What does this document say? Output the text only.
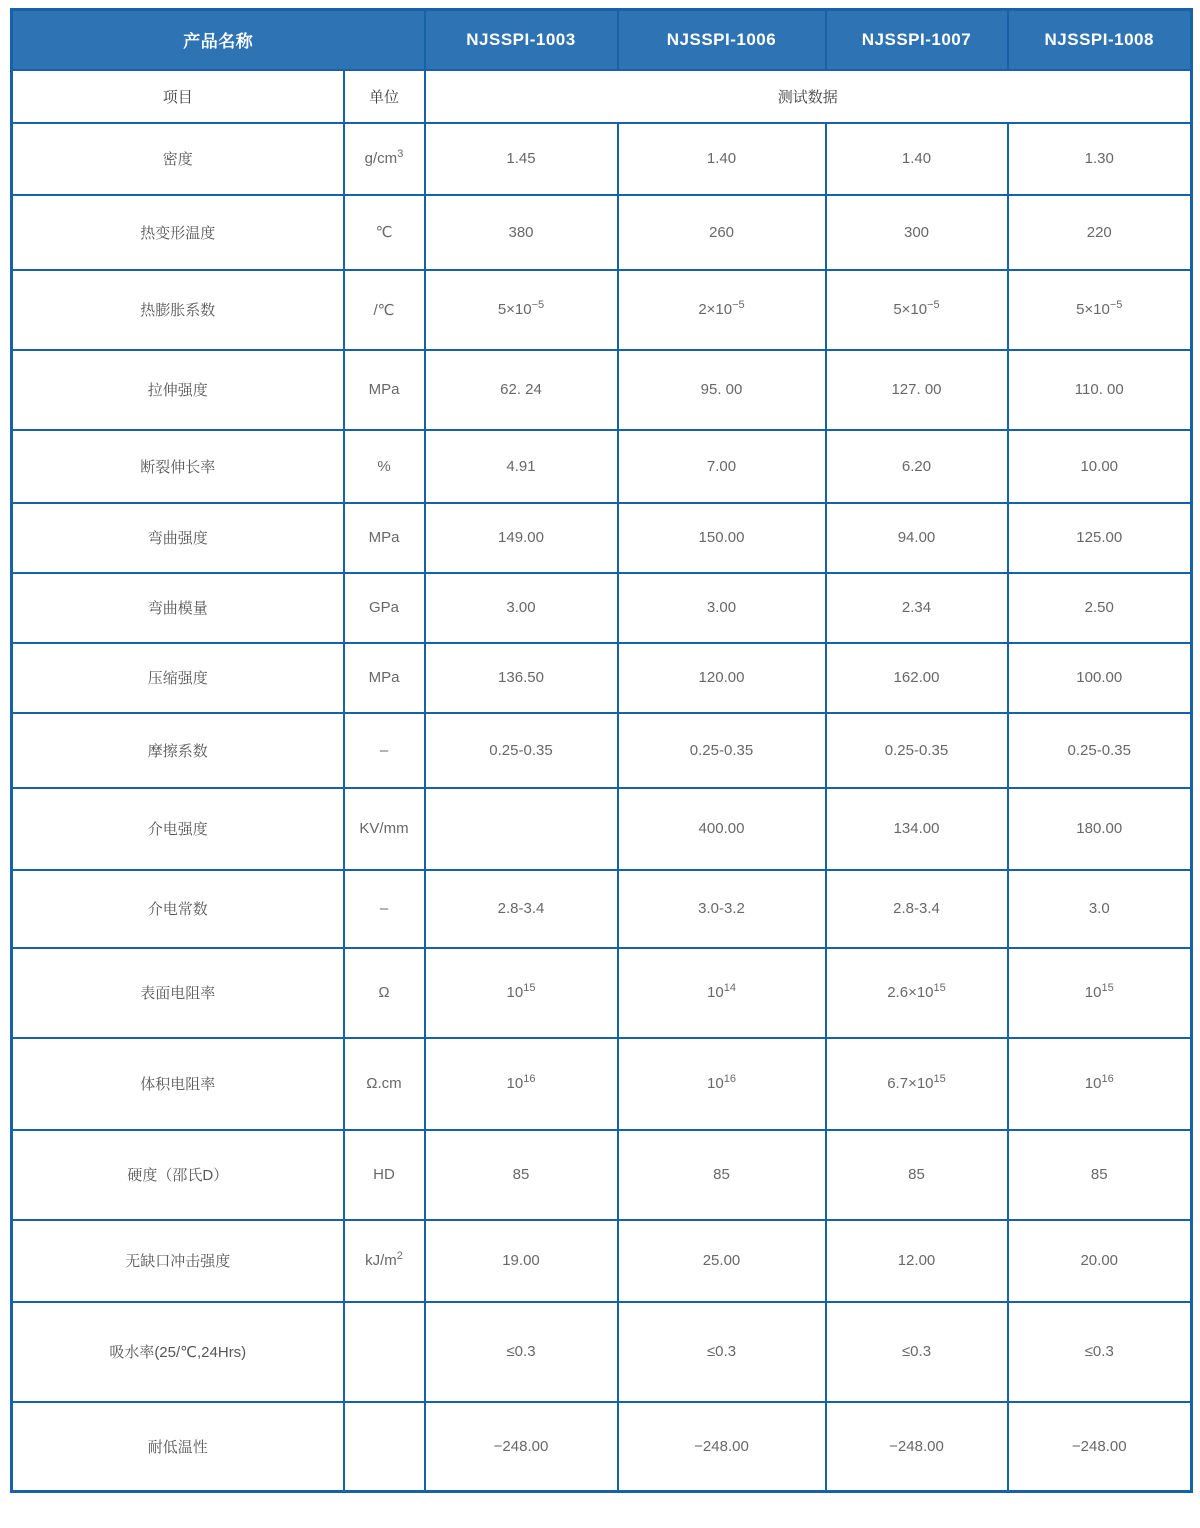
产品名称		NJSSPI-1003	NJSSPI-1006	NJSSPI-1007	NJSSPI-1008
项目	单位	测试数据			
密度	$g/cm^3$	1.45	1.40	1.40	1.30
热变形温度	℃	380	260	300	220
热膨胀系数	/℃	$5\times 10^{-5}$	$2\times 10^{-5}$	$5\times 10^{-5}$	$5\times 10^{-5}$
拉伸强度	MPa	62. 24	95. 00	127. 00	110. 00
断裂伸长率	%	4.91	7.00	6.20	10.00
弯曲强度	MPa	149.00	150.00	94.00	125.00
弯曲模量	GPa	3.00	3.00	2.34	2.50
压缩强度	MPa	136.50	120.00	162.00	100.00
摩擦系数	–	0.25-0.35	0.25-0.35	0.25-0.35	0.25-0.35
介电强度	KV/mm		400.00	134.00	180.00
介电常数	–	2.8-3.4	3.0-3.2	2.8-3.4	3.0
表面电阻率	Ω	$10^{15}$	$10^{14}$	$2.6\times 10^{15}$	$10^{15}$
体积电阻率	Ω.cm	$10^{16}$	$10^{16}$	$6.7\times 10^{15}$	$10^{16}$
硬度（邵氏D）	HD	85	85	85	85
无缺口冲击强度	$kJ/m^2$	19.00	25.00	12.00	20.00
吸水率(25/℃,24Hrs)		≤0.3	≤0.3	≤0.3	≤0.3
耐低温性		−248.00	−248.00	−248.00	−248.00
